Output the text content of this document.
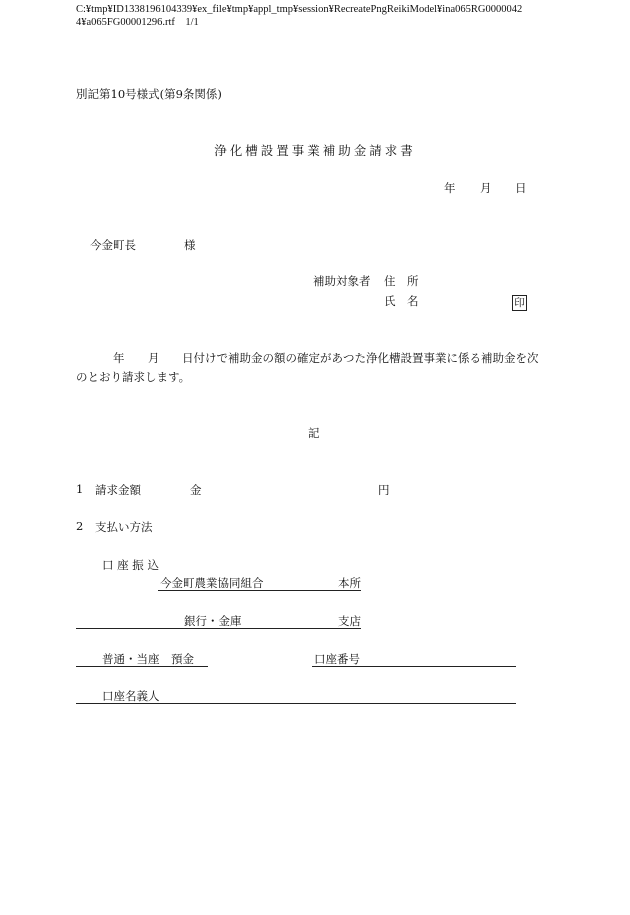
C:¥tmp¥ID1338196104339¥ex_file¥tmp¥appl_tmp¥session¥RecreatePngReikiModel¥ina065RG0000042
4¥a065FG00001296.rtf　1/1
別記第10号様式(第9条関係)
浄化槽設置事業補助金請求書
年 月 日
今金町長	様
補助対象者 住　所
氏　名	印
年 月 日付けで補助金の額の確定があつた浄化槽設置事業に係る補助金を次
のとおり請求します。
記
1 請求金額	金	円
2 支払い方法
口 座 振 込
今金町農業協同組合	本所
銀行・金庫	支店
普通・当座　預金	口座番号
口座名義人
